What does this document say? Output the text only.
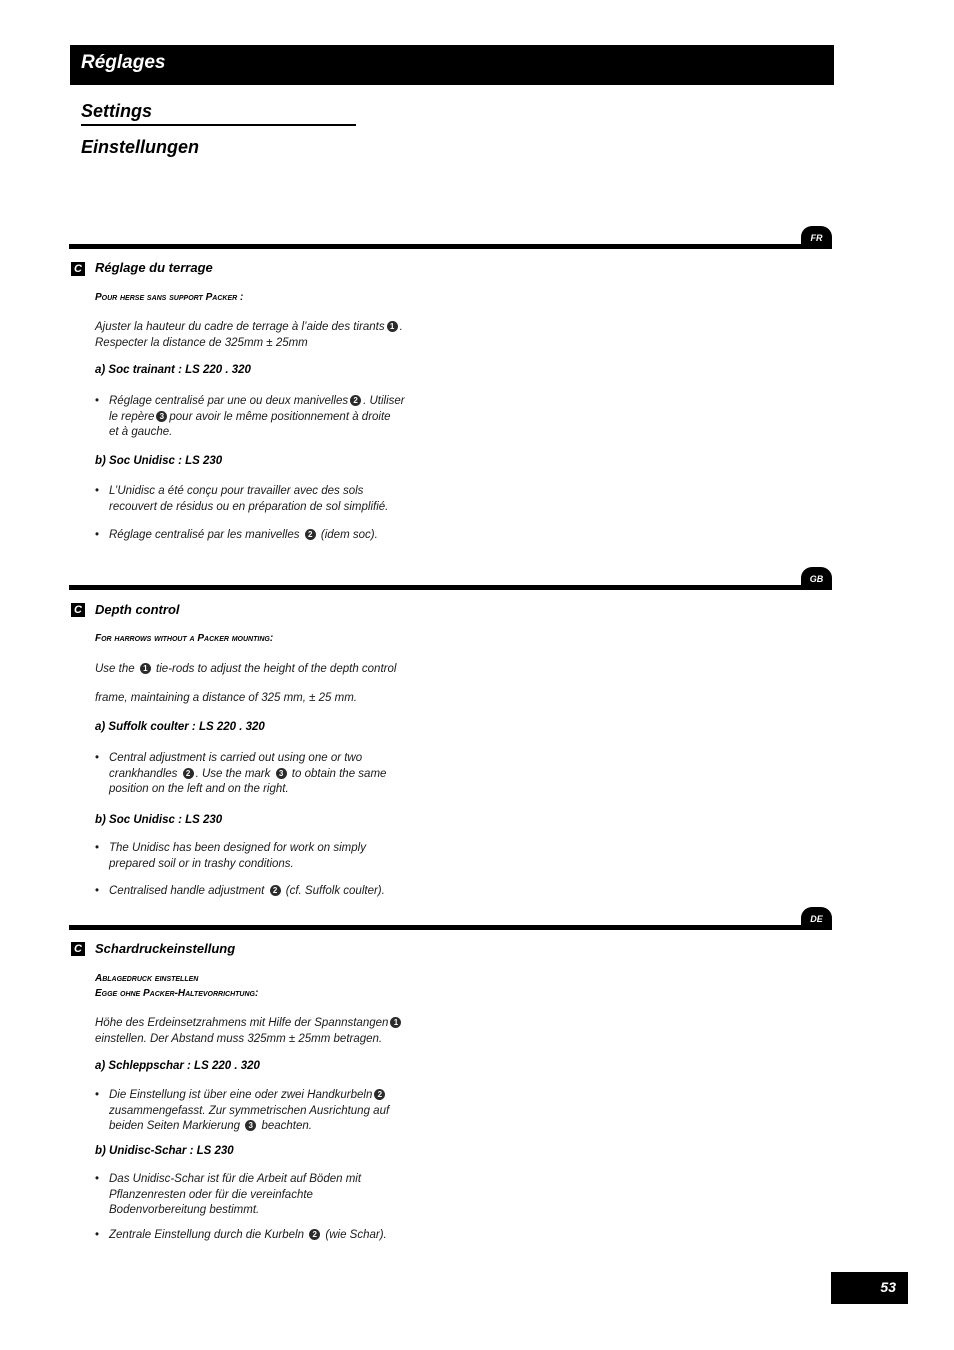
Réglages
Settings
Einstellungen
FR
C Réglage du terrage
Pour herse sans support Packer :
Ajuster la hauteur du cadre de terrage à l’aide des tirants 1 .
Respecter la distance de 325mm ± 25mm
a) Soc trainant : LS 220 . 320
• Réglage centralisé par une ou deux manivelles 2 . Utiliser
le repère 3 pour avoir le même positionnement à droite
et à gauche.
b) Soc Unidisc : LS 230
• L’Unidisc a été conçu pour travailler avec des sols
recouvert de résidus ou en préparation de sol simplifié.
• Réglage centralisé par les manivelles 2 (idem soc).
GB
C Depth control
For harrows without a Packer mounting:
Use the 1 tie-rods to adjust the height of the depth control
frame, maintaining a distance of 325 mm, ± 25 mm.
a) Suffolk coulter : LS 220 . 320
• Central adjustment is carried out using one or two
crankhandles 2 . Use the mark 3 to obtain the same
position on the left and on the right.
b) Soc Unidisc : LS 230
• The Unidisc has been designed for work on simply
prepared soil or in trashy conditions.
• Centralised handle adjustment 2 (cf. Suffolk coulter).
DE
C Schardruckeinstellung
Ablagedruck einstellen
Egge ohne Packer-Haltevorrichtung:
Höhe des Erdeinsetzrahmens mit Hilfe der Spannstangen 1
einstellen. Der Abstand muss 325mm ± 25mm betragen.
a) Schleppschar : LS 220 . 320
• Die Einstellung ist über eine oder zwei Handkurbeln 2
zusammengefasst. Zur symmetrischen Ausrichtung auf
beiden Seiten Markierung 3 beachten.
b) Unidisc-Schar : LS 230
• Das Unidisc-Schar ist für die Arbeit auf Böden mit
Pflanzenresten oder für die vereinfachte
Bodenvorbereitung bestimmt.
• Zentrale Einstellung durch die Kurbeln 2 (wie Schar).
53
